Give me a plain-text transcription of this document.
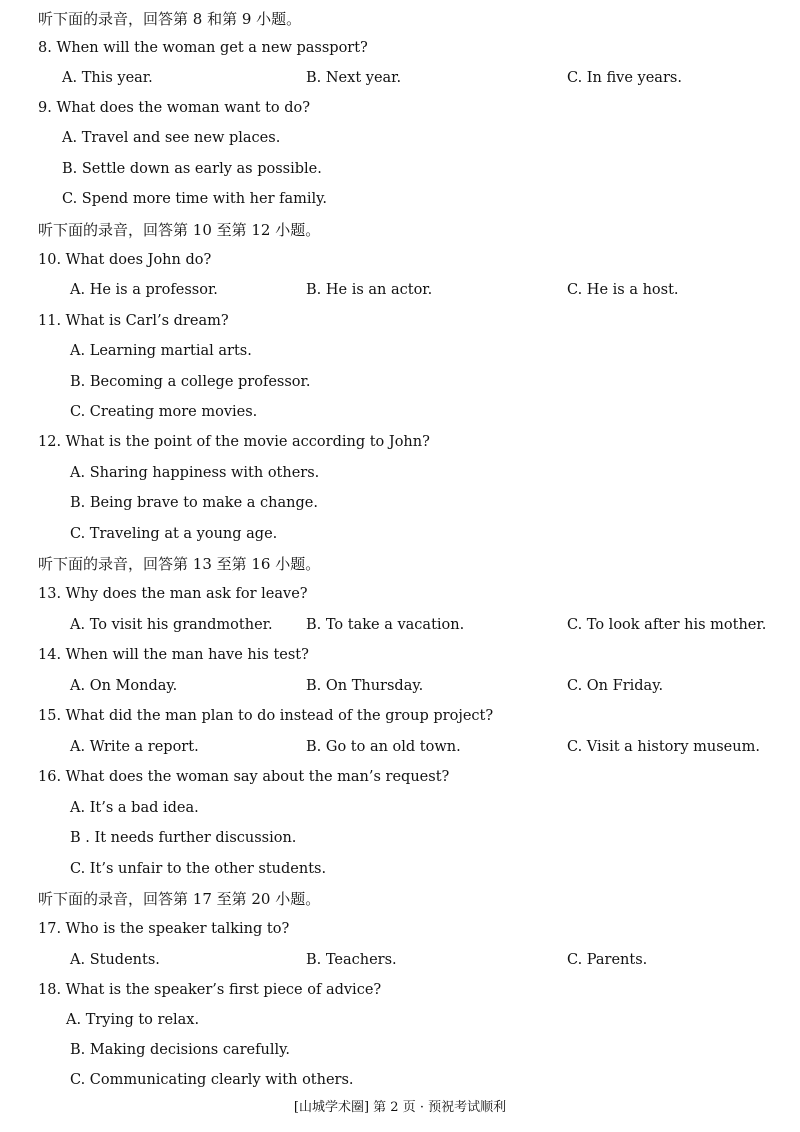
听下面的录音，回答第 8 和第 9 小题。
8. When will the woman get a new passport?
A. This year.	B. Next year.	C. In five years.
9. What does the woman want to do?
A. Travel and see new places.
B. Settle down as early as possible.
C. Spend more time with her family.
听下面的录音，回答第 10 至第 12 小题。
10. What does John do?
A. He is a professor.	B. He is an actor.	C. He is a host.
11. What is Carl’s dream?
A. Learning martial arts.
B. Becoming a college professor.
C. Creating more movies.
12. What is the point of the movie according to John?
A. Sharing happiness with others.
B. Being brave to make a change.
C. Traveling at a young age.
听下面的录音，回答第 13 至第 16 小题。
13. Why does the man ask for leave?
A. To visit his grandmother. B. To take a vacation.	C. To look after his mother.
14. When will the man have his test?
A. On Monday.	B. On Thursday.	C. On Friday.
15. What did the man plan to do instead of the group project?
A. Write a report.	B. Go to an old town.	C. Visit a history museum.
16. What does the woman say about the man’s request?
A. It’s a bad idea.
B . It needs further discussion.
C. It’s unfair to the other students.
听下面的录音，回答第 17 至第 20 小题。
17. Who is the speaker talking to?
A. Students.	B. Teachers.	C. Parents.
18. What is the speaker’s first piece of advice?
A. Trying to relax.
B. Making decisions carefully.
C. Communicating clearly with others.
[山城学术圈] 第 2 页 · 预祝考试顺利
